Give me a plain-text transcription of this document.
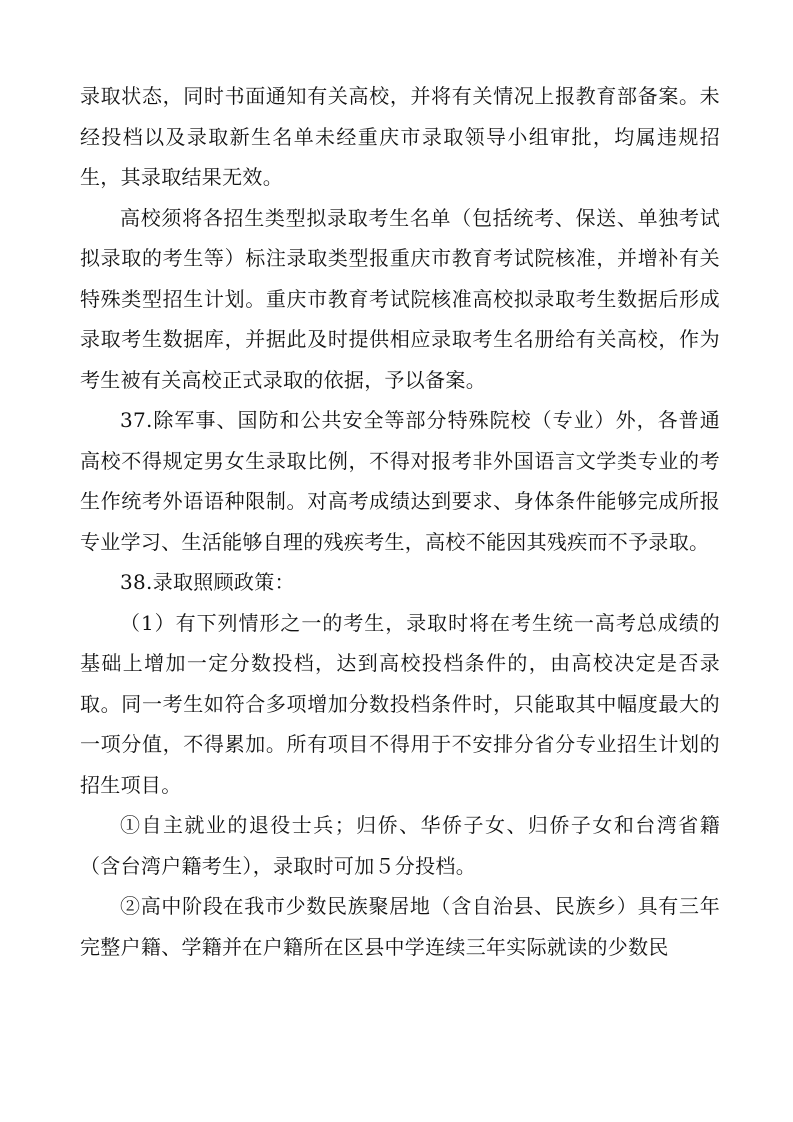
录取状态，同时书面通知有关高校，并将有关情况上报教育部备案。未经投档以及录取新生名单未经重庆市录取领导小组审批，均属违规招生，其录取结果无效。

高校须将各招生类型拟录取考生名单（包括统考、保送、单独考试拟录取的考生等）标注录取类型报重庆市教育考试院核准，并增补有关特殊类型招生计划。重庆市教育考试院核准高校拟录取考生数据后形成录取考生数据库，并据此及时提供相应录取考生名册给有关高校，作为考生被有关高校正式录取的依据，予以备案。

37.除军事、国防和公共安全等部分特殊院校（专业）外，各普通高校不得规定男女生录取比例，不得对报考非外国语言文学类专业的考生作统考外语语种限制。对高考成绩达到要求、身体条件能够完成所报专业学习、生活能够自理的残疾考生，高校不能因其残疾而不予录取。

38.录取照顾政策：

（1）有下列情形之一的考生，录取时将在考生统一高考总成绩的基础上增加一定分数投档，达到高校投档条件的，由高校决定是否录取。同一考生如符合多项增加分数投档条件时，只能取其中幅度最大的一项分值，不得累加。所有项目不得用于不安排分省分专业招生计划的招生项目。

①自主就业的退役士兵；归侨、华侨子女、归侨子女和台湾省籍（含台湾户籍考生），录取时可加５分投档。

②高中阶段在我市少数民族聚居地（含自治县、民族乡）具有三年完整户籍、学籍并在户籍所在区县中学连续三年实际就读的少数民
